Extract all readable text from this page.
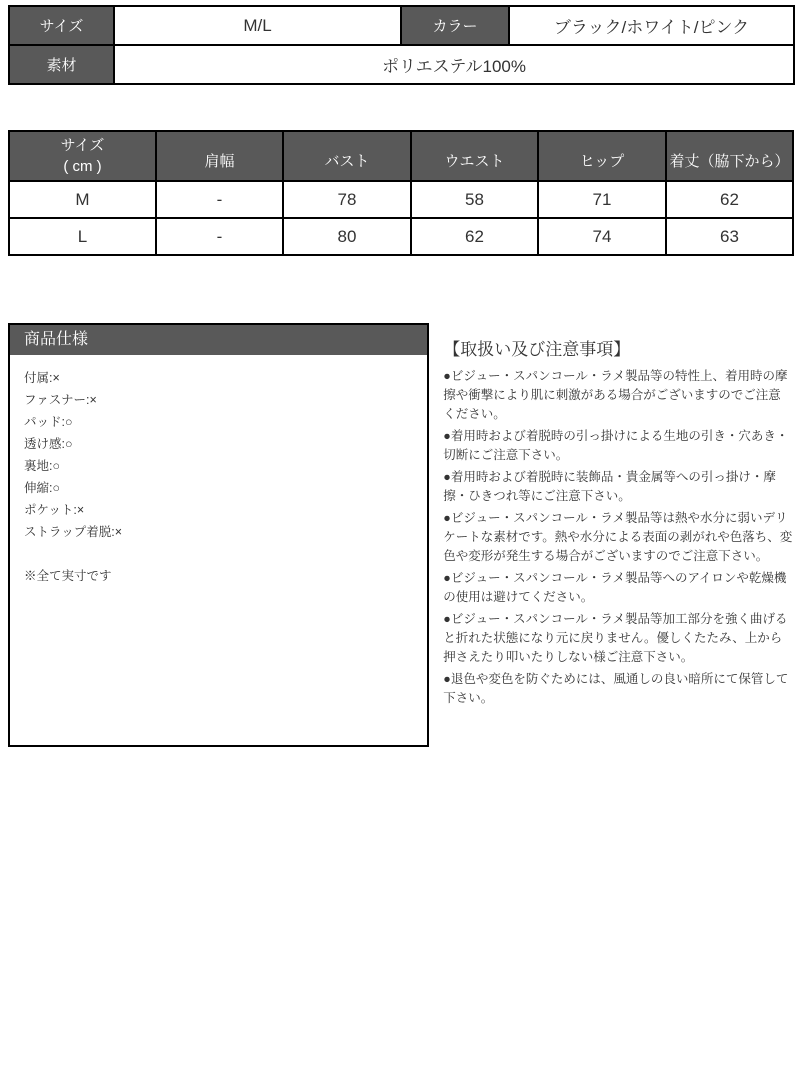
サイズ	M/L	カラー	ブラック/ホワイト/ピンク
素材	ポリエステル100%		
サイズ
( cm )	肩幅	バスト	ウエスト	ヒップ	着丈（脇下から）
M	-	78	58	71	62
L	-	80	62	74	63
商品仕様
付属:×
ファスナー:×
パッド:○
透け感:○
裏地:○
伸縮:○
ポケット:×
ストラップ着脱:×
※全て実寸です
【取扱い及び注意事項】

●ビジュー・スパンコール・ラメ製品等の特性上、着用時の摩擦や衝撃により肌に刺激がある場合がございますのでご注意ください。

●着用時および着脱時の引っ掛けによる生地の引き・穴あき・切断にご注意下さい。

●着用時および着脱時に装飾品・貴金属等への引っ掛け・摩擦・ひきつれ等にご注意下さい。

●ビジュー・スパンコール・ラメ製品等は熱や水分に弱いデリケートな素材です。熱や水分による表面の剥がれや色落ち、変色や変形が発生する場合がございますのでご注意下さい。

●ビジュー・スパンコール・ラメ製品等へのアイロンや乾燥機の使用は避けてください。

●ビジュー・スパンコール・ラメ製品等加工部分を強く曲げると折れた状態になり元に戻りません。優しくたたみ、上から押さえたり叩いたりしない様ご注意下さい。

●退色や変色を防ぐためには、風通しの良い暗所にて保管して下さい。
